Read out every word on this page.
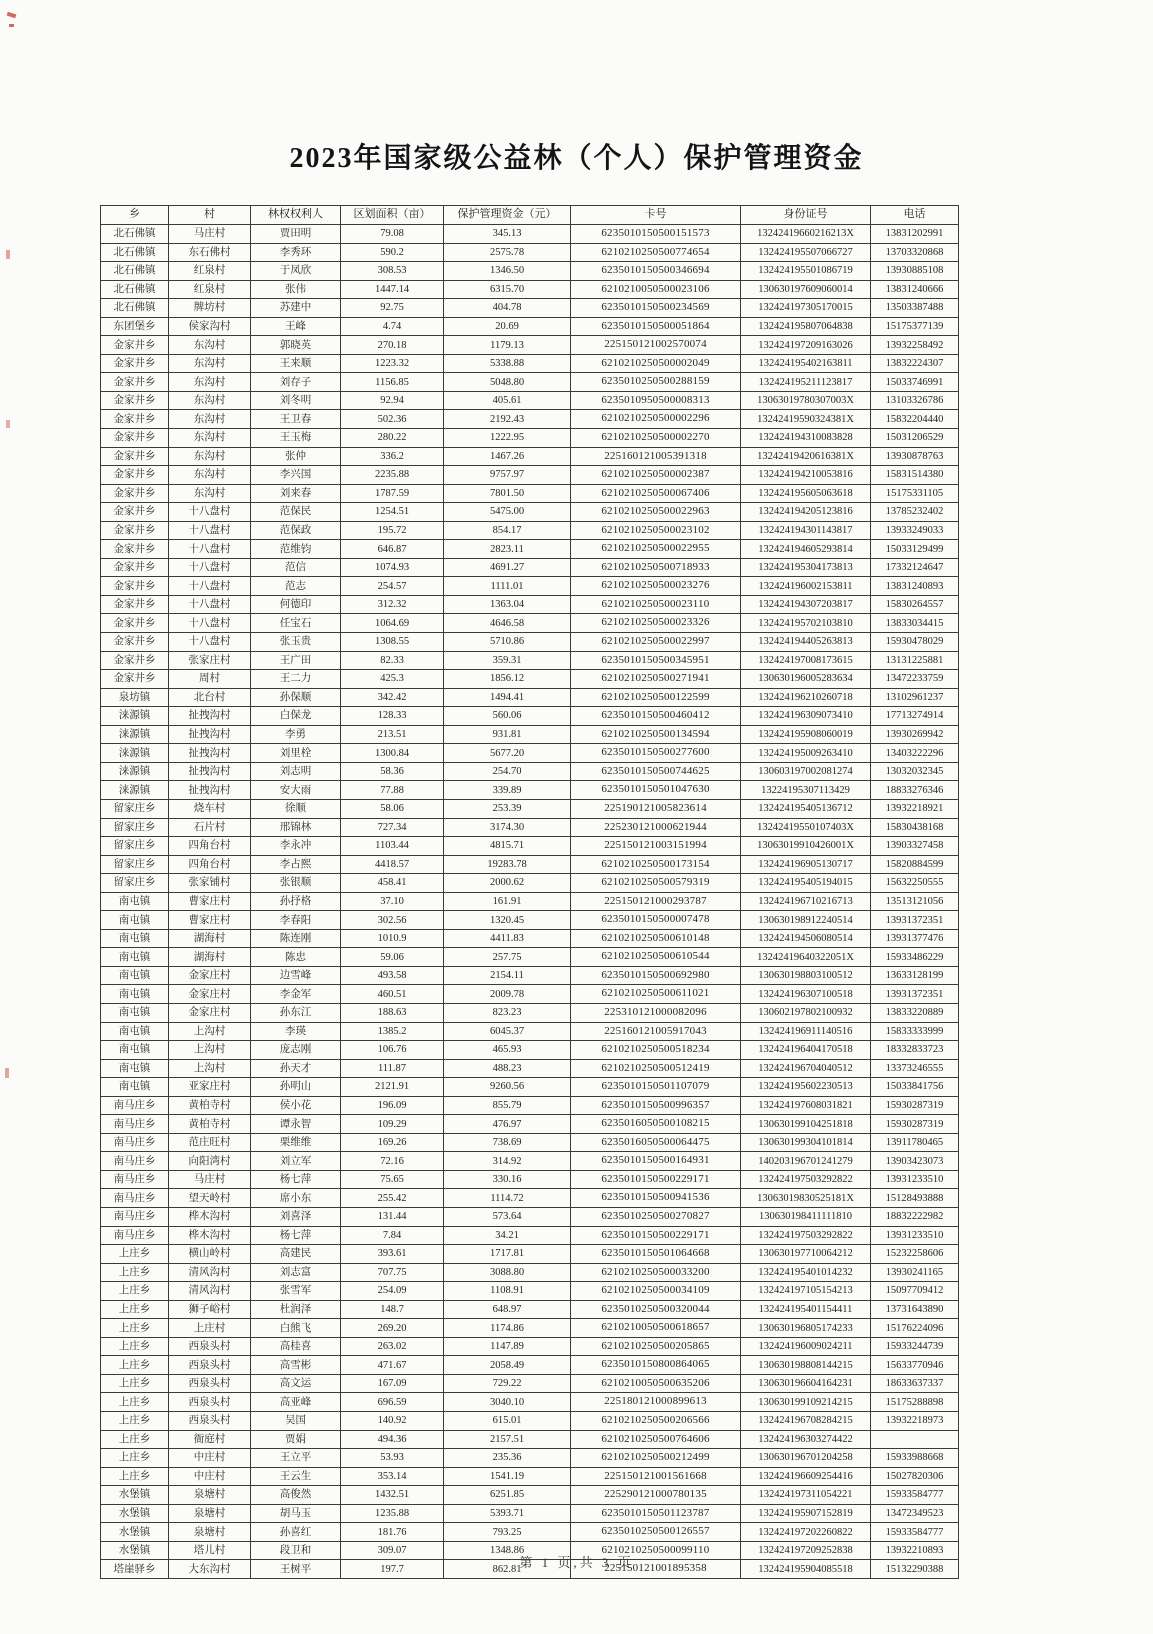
2023年国家级公益林（个人）保护管理资金
乡	村	林权权利人	区划面积（亩）	保护管理资金（元）	卡号	身份证号	电话
北石佛镇	马庄村	贾田明	79.08	345.13	6235010150500151573	13242419660216213X	13831202991
北石佛镇	东石佛村	李秀环	590.2	2575.78	6210210250500774654	132424195507066727	13703320868
北石佛镇	红泉村	于凤欣	308.53	1346.50	6235010150500346694	132424195501086719	13930885108
北石佛镇	红泉村	张伟	1447.14	6315.70	6210210050500023106	130630197609060014	13831240666
北石佛镇	牌坊村	苏建中	92.75	404.78	6235010150500234569	132424197305170015	13503387488
东团堡乡	侯家沟村	王峰	4.74	20.69	6235010150500051864	132424195807064838	15175377139
金家井乡	东沟村	郭晓英	270.18	1179.13	225150121002570074	132424197209163026	13932258492
金家井乡	东沟村	王来顺	1223.32	5338.88	6210210250500002049	132424195402163811	13832224307
金家井乡	东沟村	刘存子	1156.85	5048.80	6235010250500288159	132424195211123817	15033746991
金家井乡	东沟村	刘冬明	92.94	405.61	6235010950500008313	13063019780307003X	13103326786
金家井乡	东沟村	王卫春	502.36	2192.43	6210210250500002296	13242419590324381X	15832204440
金家井乡	东沟村	王玉梅	280.22	1222.95	6210210250500002270	132424194310083828	15031206529
金家井乡	东沟村	张仲	336.2	1467.26	225160121005391318	13242419420616381X	13930878763
金家井乡	东沟村	李兴国	2235.88	9757.97	6210210250500002387	132424194210053816	15831514380
金家井乡	东沟村	刘来春	1787.59	7801.50	6210210250500067406	132424195605063618	15175331105
金家井乡	十八盘村	范保民	1254.51	5475.00	6210210250500022963	132424194205123816	13785232402
金家井乡	十八盘村	范保政	195.72	854.17	6210210250500023102	132424194301143817	13933249033
金家井乡	十八盘村	范维钧	646.87	2823.11	6210210250500022955	132424194605293814	15033129499
金家井乡	十八盘村	范信	1074.93	4691.27	6210210250500718933	132424195304173813	17332124647
金家井乡	十八盘村	范志	254.57	1111.01	6210210250500023276	132424196002153811	13831240893
金家井乡	十八盘村	何德印	312.32	1363.04	6210210250500023110	132424194307203817	15830264557
金家井乡	十八盘村	任宝石	1064.69	4646.58	6210210250500023326	132424195702103810	13833034415
金家井乡	十八盘村	张玉贵	1308.55	5710.86	6210210250500022997	132424194405263813	15930478029
金家井乡	张家庄村	王广田	82.33	359.31	6235010150500345951	132424197008173615	13131225881
金家井乡	周村	王二力	425.3	1856.12	6210210250500271941	130630196005283634	13472233759
泉坊镇	北台村	孙保顺	342.42	1494.41	6210210250500122599	132424196210260718	13102961237
涞源镇	扯拽沟村	白保龙	128.33	560.06	6235010150500460412	132424196309073410	17713274914
涞源镇	扯拽沟村	李勇	213.51	931.81	6210210250500134594	132424195908060019	13930269942
涞源镇	扯拽沟村	刘里栓	1300.84	5677.20	6235010150500277600	132424195009263410	13403222296
涞源镇	扯拽沟村	刘志明	58.36	254.70	6235010150500744625	130603197002081274	13032032345
涞源镇	扯拽沟村	安大雨	77.88	339.89	6235010150501047630	13224195307113429	18833276346
留家庄乡	烧车村	徐顺	58.06	253.39	225190121005823614	132424195405136712	13932218921
留家庄乡	石片村	邢锦林	727.34	3174.30	225230121000621944	13242419550107403X	15830438168
留家庄乡	四角台村	李永冲	1103.44	4815.71	225150121003151994	13063019910426001X	13903327458
留家庄乡	四角台村	李占熙	4418.57	19283.78	6210210250500173154	132424196905130717	15820884599
留家庄乡	张家铺村	张银顺	458.41	2000.62	6210210250500579319	132424195405194015	15632250555
南屯镇	曹家庄村	孙抒格	37.10	161.91	225150121000293787	132424196710216713	13513121056
南屯镇	曹家庄村	李春阳	302.56	1320.45	6235010150500007478	130630198912240514	13931372351
南屯镇	湖海村	陈连刚	1010.9	4411.83	6210210250500610148	132424194506080514	13931377476
南屯镇	湖海村	陈忠	59.06	257.75	6210210250500610544	13242419640322051X	15933486229
南屯镇	金家庄村	边雪峰	493.58	2154.11	6235010150500692980	130630198803100512	13633128199
南屯镇	金家庄村	李金军	460.51	2009.78	6210210250500611021	132424196307100518	13931372351
南屯镇	金家庄村	孙东江	188.63	823.23	225310121000082096	130602197802100932	13833220889
南屯镇	上沟村	李瑛	1385.2	6045.37	225160121005917043	132424196911140516	15833333999
南屯镇	上沟村	庞志刚	106.76	465.93	6210210250500518234	132424196404170518	18332833723
南屯镇	上沟村	孙天才	111.87	488.23	6210210250500512419	132424196704040512	13373246555
南屯镇	亚家庄村	孙明山	2121.91	9260.56	6235010150501107079	132424195602230513	15033841756
南马庄乡	黄柏寺村	侯小花	196.09	855.79	6235010150500996357	132424197608031821	15930287319
南马庄乡	黄柏寺村	谭永智	109.29	476.97	6235016050500108215	130630199104251818	15930287319
南马庄乡	范庄旺村	栗维维	169.26	738.69	6235016050500064475	130630199304101814	13911780465
南马庄乡	向阳湾村	刘立军	72.16	314.92	6235010150500164931	140203196701241279	13903423073
南马庄乡	马庄村	杨七萍	75.65	330.16	6235010150500229171	132424197503292822	13931233510
南马庄乡	望天岭村	席小东	255.42	1114.72	6235010150500941536	13063019830525181X	15128493888
南马庄乡	桦木沟村	刘喜泽	131.44	573.64	6235010250500270827	130630198411111810	18832222982
南马庄乡	桦木沟村	杨七萍	7.84	34.21	6235010150500229171	132424197503292822	13931233510
上庄乡	横山岭村	高建民	393.61	1717.81	6235010150501064668	130630197710064212	15232258606
上庄乡	清风沟村	刘志富	707.75	3088.80	6210210250500033200	132424195401014232	13930241165
上庄乡	清风沟村	张雪军	254.09	1108.91	6210210250500034109	132424197105154213	15097709412
上庄乡	狮子峪村	杜润泽	148.7	648.97	6235010250500320044	132424195401154411	13731643890
上庄乡	上庄村	白熊飞	269.20	1174.86	6210210050500618657	130630196805174233	15176224096
上庄乡	西泉头村	高桂喜	263.02	1147.89	6210210250500205865	132424196009024211	15933244739
上庄乡	西泉头村	高雪彬	471.67	2058.49	6235010150800864065	130630198808144215	15633770946
上庄乡	西泉头村	高文运	167.09	729.22	6210210050500635206	130630196604164231	18633637337
上庄乡	西泉头村	高亚峰	696.59	3040.10	225180121000899613	130630199109214215	15175288898
上庄乡	西泉头村	吴国	140.92	615.01	6210210250500206566	132424196708284215	13932218973
上庄乡	衙庭村	贾娟	494.36	2157.51	6210210250500764606	132424196303274422	
上庄乡	中庄村	王立平	53.93	235.36	6210210250500212499	130630196701204258	15933988668
上庄乡	中庄村	王云生	353.14	1541.19	225150121001561668	132424196609254416	15027820306
水堡镇	泉塘村	高俊然	1432.51	6251.85	225290121000780135	132424197311054221	15933584777
水堡镇	泉塘村	胡马玉	1235.88	5393.71	6235010150501123787	132424195907152819	13472349523
水堡镇	泉塘村	孙喜红	181.76	793.25	6235010250500126557	132424197202260822	15933584777
水堡镇	塔儿村	段卫和	309.07	1348.86	6210210250500099110	132424197209252838	13932210893
塔崖驿乡	大东沟村	王树平	197.7	862.81	225150121001895358	132424195904085518	15132290388
第 1 页,共 3 页
